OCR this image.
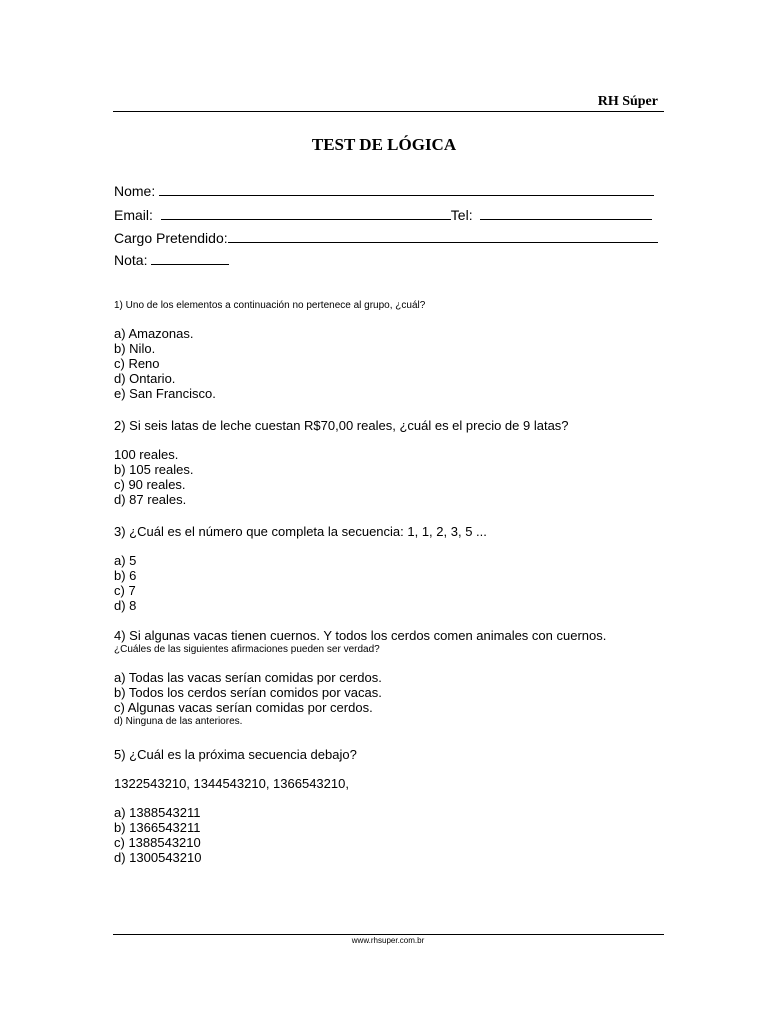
RH Súper
TEST DE LÓGICA
Nome:
Email:	Tel:
Cargo Pretendido:
Nota:
1) Uno de los elementos a continuación no pertenece al grupo, ¿cuál?
a) Amazonas.
b) Nilo.
c) Reno
d) Ontario.
e) San Francisco.
2) Si seis latas de leche cuestan R$70,00 reales, ¿cuál es el precio de 9 latas?
100 reales.
b) 105 reales.
c) 90 reales.
d) 87 reales.
3) ¿Cuál es el número que completa la secuencia: 1, 1, 2, 3, 5 ...
a) 5
b) 6
c) 7
d) 8
4) Si algunas vacas tienen cuernos. Y todos los cerdos comen animales con cuernos.
¿Cuáles de las siguientes afirmaciones pueden ser verdad?
a) Todas las vacas serían comidas por cerdos.
b) Todos los cerdos serían comidos por vacas.
c) Algunas vacas serían comidas por cerdos.
d) Ninguna de las anteriores.
5) ¿Cuál es la próxima secuencia debajo?
1322543210, 1344543210, 1366543210,
a) 1388543211
b) 1366543211
c) 1388543210
d) 1300543210
www.rhsuper.com.br
